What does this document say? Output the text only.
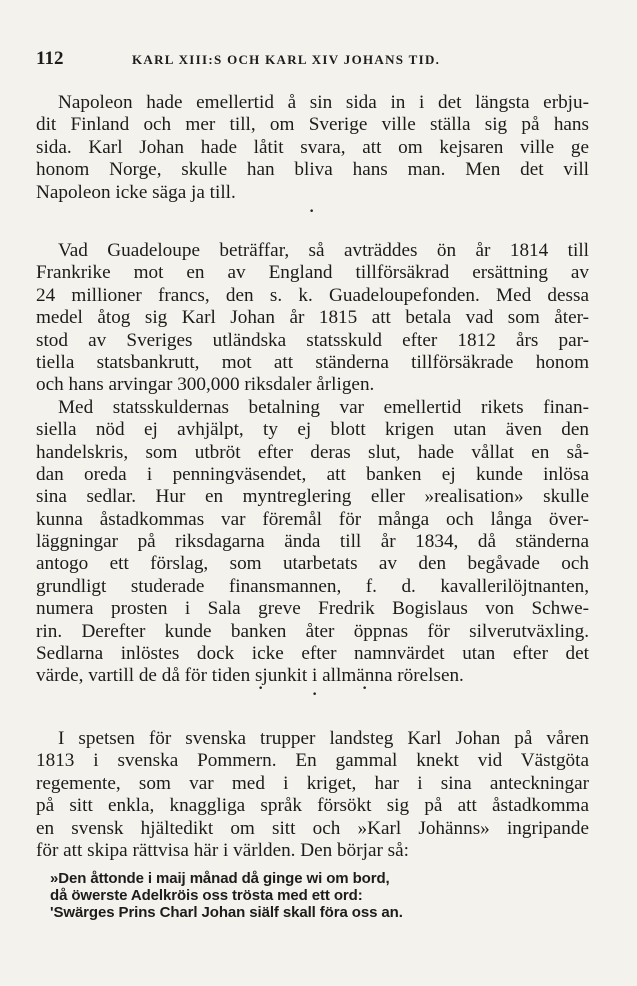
112	KARL XIII:S OCH KARL XIV JOHANS TID.
Napoleon hade emellertid å sin sida in i det längsta erbju-
dit Finland och mer till, om Sverige ville ställa sig på hans
sida. Karl Johan hade låtit svara, att om kejsaren ville ge
honom Norge, skulle han bliva hans man. Men det vill
Napoleon icke säga ja till.
•
Vad Guadeloupe beträffar, så avträddes ön år 1814 till
Frankrike mot en av England tillförsäkrad ersättning av
24 millioner francs, den s. k. Guadeloupefonden. Med dessa
medel åtog sig Karl Johan år 1815 att betala vad som åter-
stod av Sveriges utländska statsskuld efter 1812 års par-
tiella statsbankrutt, mot att ständerna tillförsäkrade honom
och hans arvingar 300,000 riksdaler årligen.
Med statsskuldernas betalning var emellertid rikets finan-
siella nöd ej avhjälpt, ty ej blott krigen utan även den
handelskris, som utbröt efter deras slut, hade vållat en så-
dan oreda i penningväsendet, att banken ej kunde inlösa
sina sedlar. Hur en myntreglering eller »realisation» skulle
kunna åstadkommas var föremål för många och långa över-
läggningar på riksdagarna ända till år 1834, då ständerna
antogo ett förslag, som utarbetats av den begåvade och
grundligt studerade finansmannen, f. d. kavallerilöjtnanten,
numera prosten i Sala greve Fredrik Bogislaus von Schwe-
rin. Derefter kunde banken åter öppnas för silverutväxling.
Sedlarna inlöstes dock icke efter namnvärdet utan efter det
värde, vartill de då för tiden sjunkit i allmänna rörelsen.
•
•
•
I spetsen för svenska trupper landsteg Karl Johan på våren
1813 i svenska Pommern. En gammal knekt vid Västgöta
regemente, som var med i kriget, har i sina anteckningar
på sitt enkla, knaggliga språk försökt sig på att åstadkomma
en svensk hjältedikt om sitt och »Karl Johänns» ingripande
för att skipa rättvisa här i världen. Den börjar så:
»Den åttonde i maij månad då ginge wi om bord,
då öwerste Adelkröis oss trösta med ett ord:
'Swärges Prins Charl Johan siälf skall föra oss an.
